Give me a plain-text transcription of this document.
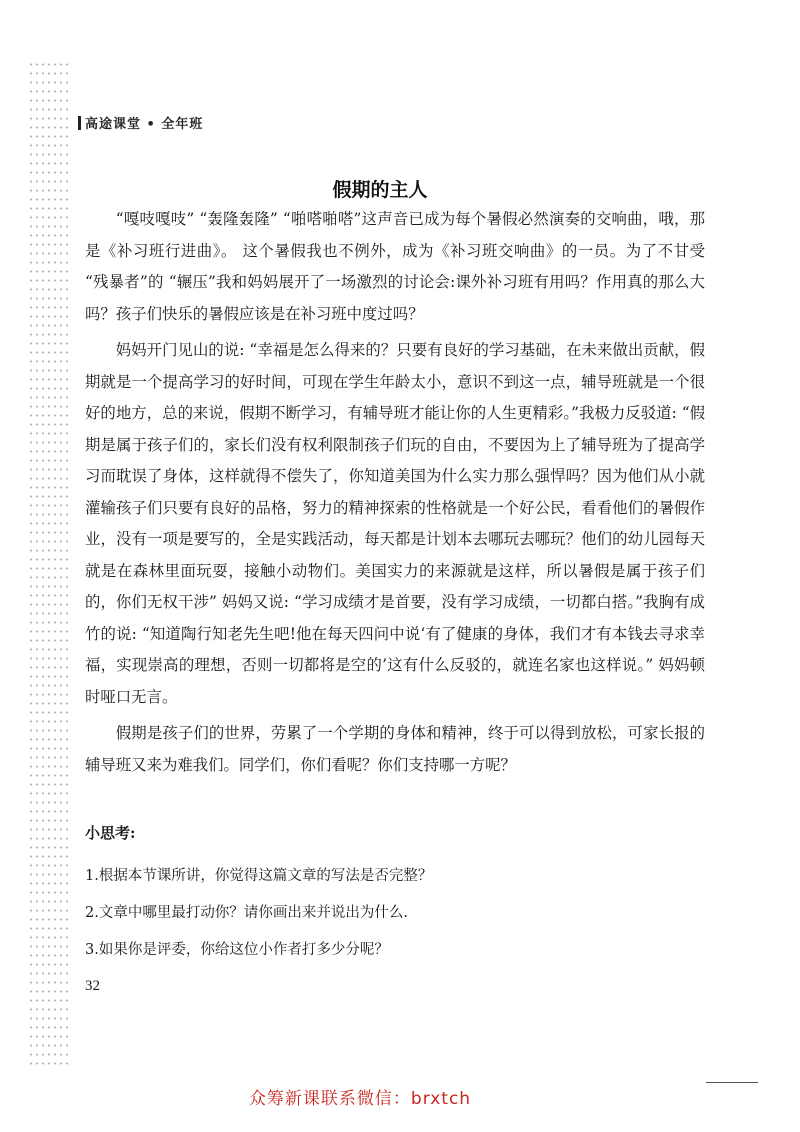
高途课堂 • 全年班
假期的主人

“嘎吱嘎吱” “轰隆轰隆” “啪嗒啪嗒”这声音已成为每个暑假必然演奏的交响曲，哦，那是《补习班行进曲》。 这个暑假我也不例外，成为《补习班交响曲》的一员。为了不甘受 “残暴者”的 “辗压”我和妈妈展开了一场激烈的讨论会:课外补习班有用吗？作用真的那么大吗？孩子们快乐的暑假应该是在补习班中度过吗？

妈妈开门见山的说: “幸福是怎么得来的？只要有良好的学习基础，在未来做出贡献，假期就是一个提高学习的好时间，可现在学生年龄太小，意识不到这一点，辅导班就是一个很好的地方，总的来说，假期不断学习，有辅导班才能让你的人生更精彩。”我极力反驳道: “假期是属于孩子们的，家长们没有权利限制孩子们玩的自由，不要因为上了辅导班为了提高学习而耽误了身体，这样就得不偿失了，你知道美国为什么实力那么强悍吗？因为他们从小就灌输孩子们只要有良好的品格，努力的精神探索的性格就是一个好公民，看看他们的暑假作业，没有一项是要写的，全是实践活动，每天都是计划本去哪玩去哪玩？他们的幼儿园每天就是在森林里面玩耍，接触小动物们。美国实力的来源就是这样，所以暑假是属于孩子们的，你们无权干涉” 妈妈又说: “学习成绩才是首要，没有学习成绩，一切都白搭。”我胸有成竹的说: “知道陶行知老先生吧!他在每天四问中说‘有了健康的身体，我们才有本钱去寻求幸福，实现崇高的理想，否则一切都将是空的’这有什么反驳的，就连名家也这样说。” 妈妈顿时哑口无言。

假期是孩子们的世界，劳累了一个学期的身体和精神，终于可以得到放松，可家长报的辅导班又来为难我们。同学们，你们看呢？你们支持哪一方呢？

小思考:

1.根据本节课所讲，你觉得这篇文章的写法是否完整？
2.文章中哪里最打动你？请你画出来并说出为什么.
3.如果你是评委，你给这位小作者打多少分呢？
32
众筹新课联系微信：brxtch
